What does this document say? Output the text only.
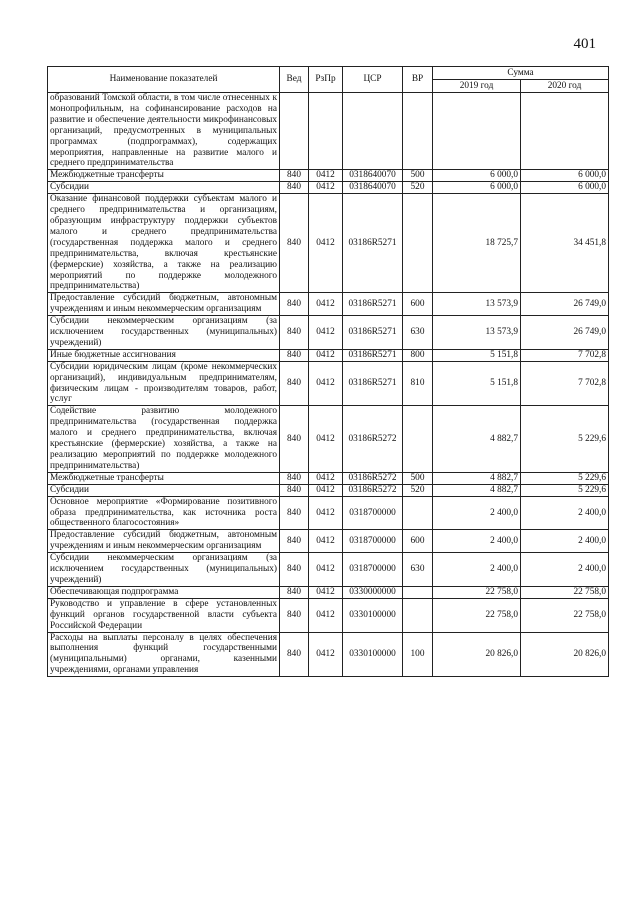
401
Наименование показателей	Вед	РзПр	ЦСР	ВР	Сумма	
					2019 год	2020 год
образований Томской области, в том числе отнесенных к монопрофильным, на софинансирование расходов на развитие и обеспечение деятельности микрофинансовых организаций, предусмотренных в муниципальных программах (подпрограммах), содержащих мероприятия, направленные на развитие малого и среднего предпринимательства						
Межбюджетные трансферты	840	0412	0318640070	500	6 000,0	6 000,0
Субсидии	840	0412	0318640070	520	6 000,0	6 000,0
Оказание финансовой поддержки субъектам малого и среднего предпринимательства и организациям, образующим инфраструктуру поддержки субъектов малого и среднего предпринимательства (государственная поддержка малого и среднего предпринимательства, включая крестьянские (фермерские) хозяйства, а также на реализацию мероприятий по поддержке молодежного предпринимательства)	840	0412	03186R5271		18 725,7	34 451,8
Предоставление субсидий бюджетным, автономным учреждениям и иным некоммерческим организациям	840	0412	03186R5271	600	13 573,9	26 749,0
Субсидии некоммерческим организациям (за исключением государственных (муниципальных) учреждений)	840	0412	03186R5271	630	13 573,9	26 749,0
Иные бюджетные ассигнования	840	0412	03186R5271	800	5 151,8	7 702,8
Субсидии юридическим лицам (кроме некоммерческих организаций), индивидуальным предпринимателям, физическим лицам - производителям товаров, работ, услуг	840	0412	03186R5271	810	5 151,8	7 702,8
Содействие развитию молодежного предпринимательства (государственная поддержка малого и среднего предпринимательства, включая крестьянские (фермерские) хозяйства, а также на реализацию мероприятий по поддержке молодежного предпринимательства)	840	0412	03186R5272		4 882,7	5 229,6
Межбюджетные трансферты	840	0412	03186R5272	500	4 882,7	5 229,6
Субсидии	840	0412	03186R5272	520	4 882,7	5 229,6
Основное мероприятие «Формирование позитивного образа предпринимательства, как источника роста общественного благосостояния»	840	0412	0318700000		2 400,0	2 400,0
Предоставление субсидий бюджетным, автономным учреждениям и иным некоммерческим организациям	840	0412	0318700000	600	2 400,0	2 400,0
Субсидии некоммерческим организациям (за исключением государственных (муниципальных) учреждений)	840	0412	0318700000	630	2 400,0	2 400,0
Обеспечивающая подпрограмма	840	0412	0330000000		22 758,0	22 758,0
Руководство и управление в сфере установленных функций органов государственной власти субъекта Российской Федерации	840	0412	0330100000		22 758,0	22 758,0
Расходы на выплаты персоналу в целях обеспечения выполнения функций государственными (муниципальными) органами, казенными учреждениями, органами управления	840	0412	0330100000	100	20 826,0	20 826,0
